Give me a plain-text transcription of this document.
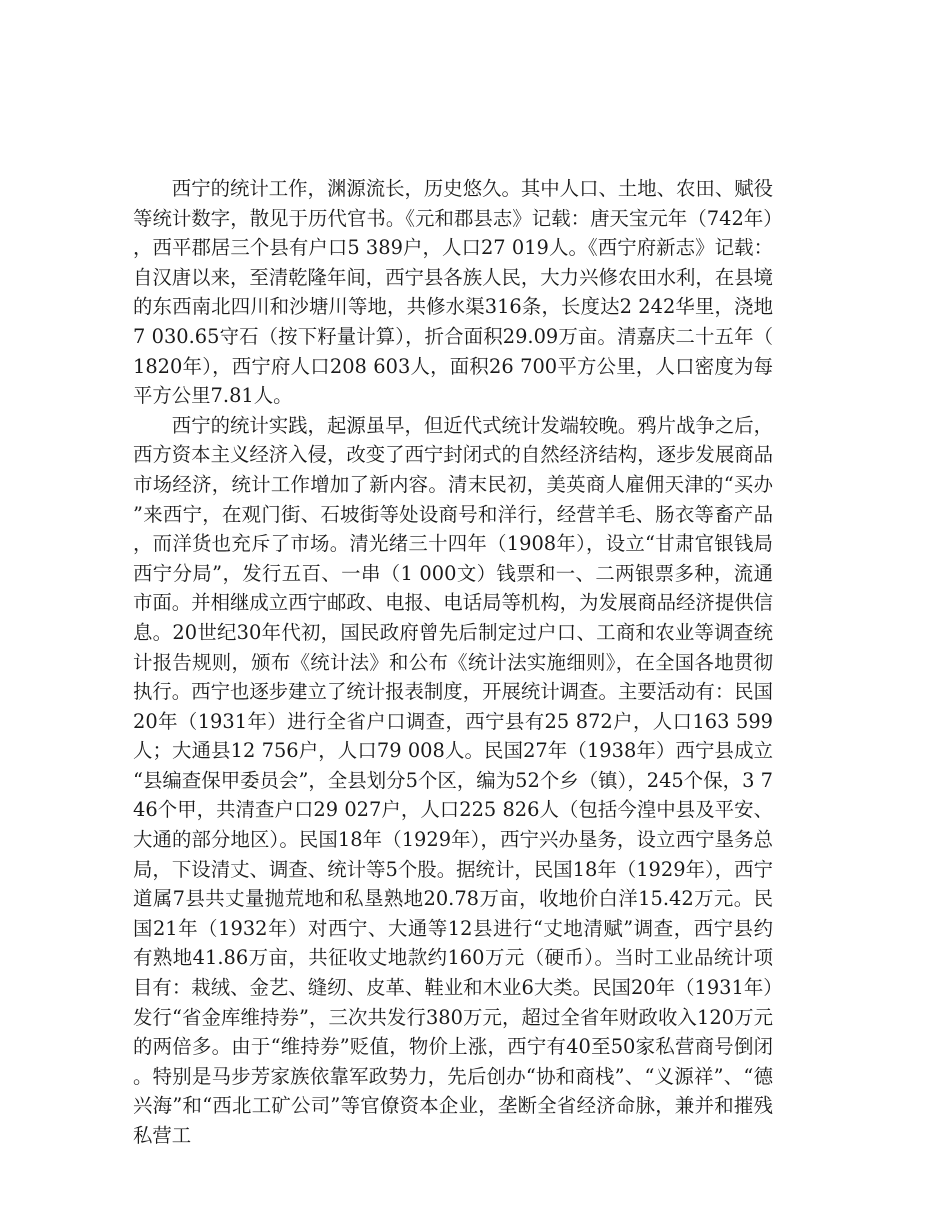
西宁的统计工作，渊源流长，历史悠久。其中人口、土地、农田、赋役等统计数字，散见于历代官书。《元和郡县志》记载：唐天宝元年（742年），西平郡居三个县有户口5 389户，人口27 019人。《西宁府新志》记载：自汉唐以来，至清乾隆年间，西宁县各族人民，大力兴修农田水利，在县境的东西南北四川和沙塘川等地，共修水渠316条，长度达2 242华里，浇地7 030.65守石（按下籽量计算），折合面积29.09万亩。清嘉庆二十五年（1820年），西宁府人口208 603人，面积26 700平方公里，人口密度为每平方公里7.81人。

西宁的统计实践，起源虽早，但近代式统计发端较晚。鸦片战争之后，西方资本主义经济入侵，改变了西宁封闭式的自然经济结构，逐步发展商品市场经济，统计工作增加了新内容。清末民初，美英商人雇佣天津的“买办”来西宁，在观门街、石坡街等处设商号和洋行，经营羊毛、肠衣等畜产品，而洋货也充斥了市场。清光绪三十四年（1908年），设立“甘肃官银钱局西宁分局”，发行五百、一串（1 000文）钱票和一、二两银票多种，流通市面。并相继成立西宁邮政、电报、电话局等机构，为发展商品经济提供信息。20世纪30年代初，国民政府曾先后制定过户口、工商和农业等调查统计报告规则，颁布《统计法》和公布《统计法实施细则》，在全国各地贯彻执行。西宁也逐步建立了统计报表制度，开展统计调查。主要活动有：民国20年（1931年）进行全省户口调查，西宁县有25 872户，人口163 599人；大通县12 756户，人口79 008人。民国27年（1938年）西宁县成立“县编查保甲委员会”，全县划分5个区，编为52个乡（镇），245个保，3 746个甲，共清查户口29 027户，人口225 826人（包括今湟中县及平安、大通的部分地区）。民国18年（1929年），西宁兴办垦务，设立西宁垦务总局，下设清丈、调查、统计等5个股。据统计，民国18年（1929年），西宁道属7县共丈量抛荒地和私垦熟地20.78万亩，收地价白洋15.42万元。民国21年（1932年）对西宁、大通等12县进行“丈地清赋”调查，西宁县约有熟地41.86万亩，共征收丈地款约160万元（硬币）。当时工业品统计项目有：栽绒、金艺、缝纫、皮革、鞋业和木业6大类。民国20年（1931年）发行“省金库维持券”，三次共发行380万元，超过全省年财政收入120万元的两倍多。由于“维持券”贬值，物价上涨，西宁有40至50家私营商号倒闭。特别是马步芳家族依靠军政势力，先后创办“协和商栈”、“义源祥”、“德兴海”和“西北工矿公司”等官僚资本企业，垄断全省经济命脉，兼并和摧残私营工
